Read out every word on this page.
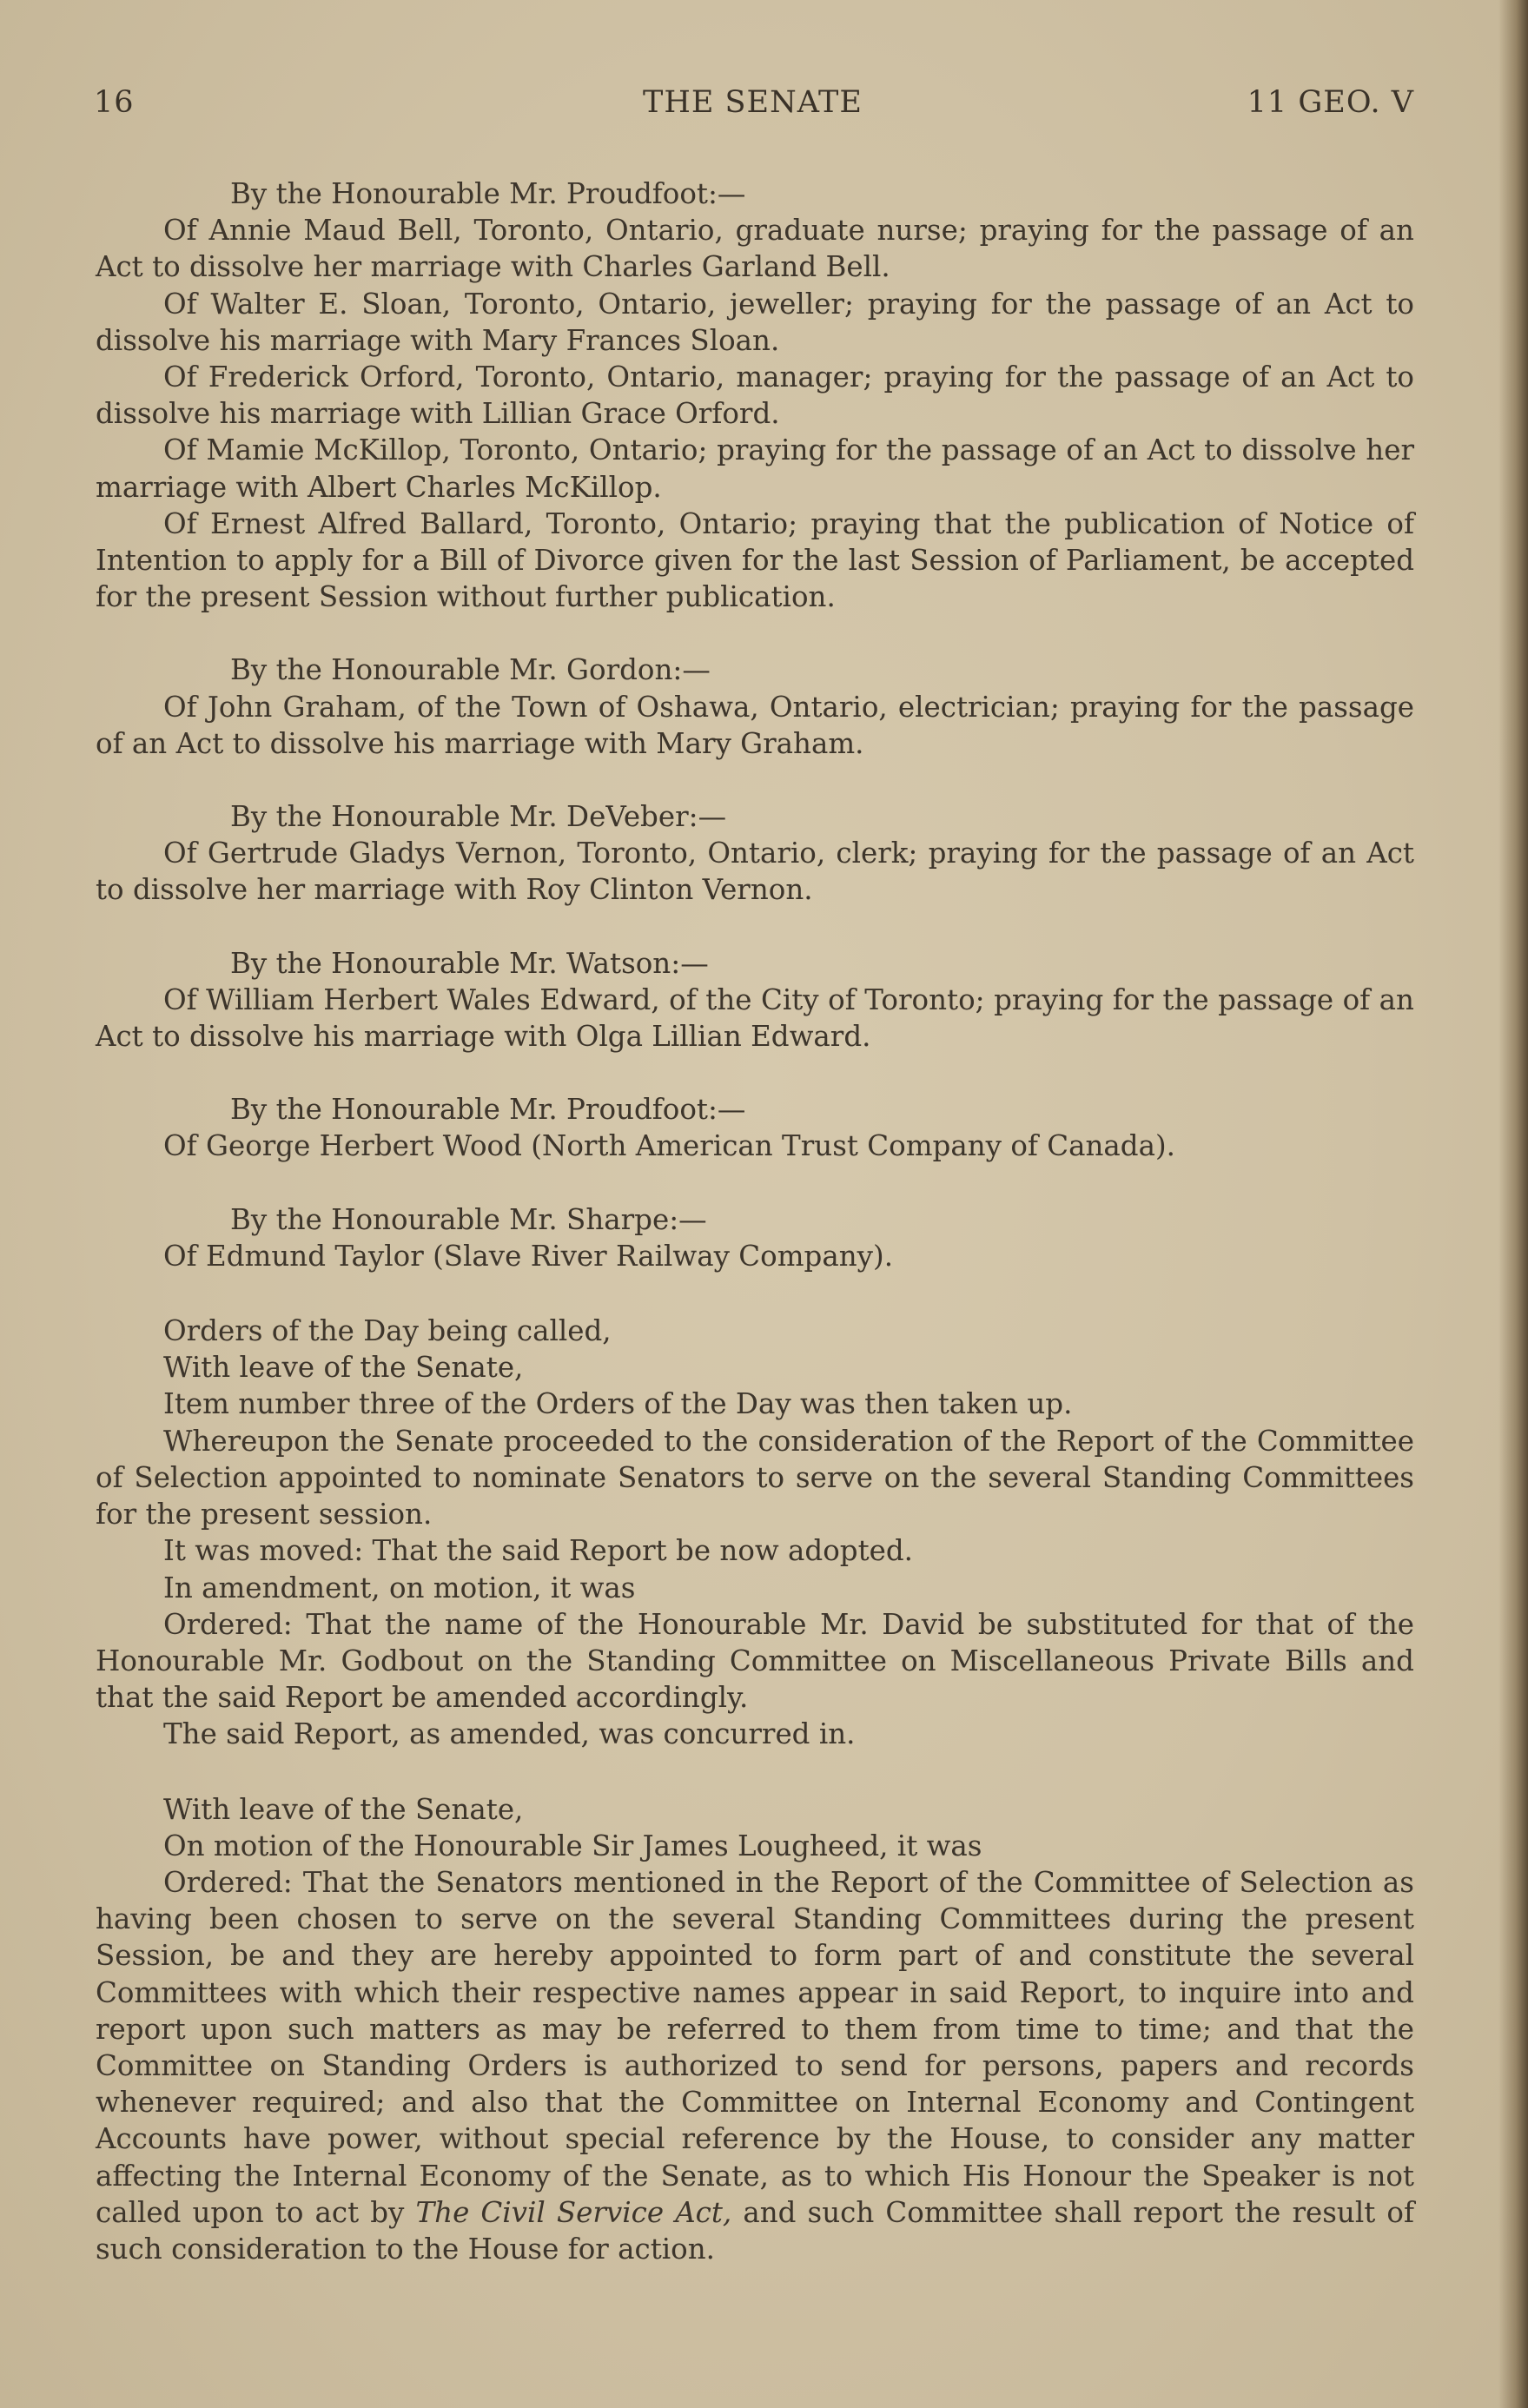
16	THE SENATE	11 GEO. V

By the Honourable Mr. Proudfoot:—

Of Annie Maud Bell, Toronto, Ontario, graduate nurse; praying for the passage of an Act to dissolve her marriage with Charles Garland Bell.

Of Walter E. Sloan, Toronto, Ontario, jeweller; praying for the passage of an Act to dissolve his marriage with Mary Frances Sloan.

Of Frederick Orford, Toronto, Ontario, manager; praying for the passage of an Act to dissolve his marriage with Lillian Grace Orford.

Of Mamie McKillop, Toronto, Ontario; praying for the passage of an Act to dissolve her marriage with Albert Charles McKillop.

Of Ernest Alfred Ballard, Toronto, Ontario; praying that the publication of Notice of Intention to apply for a Bill of Divorce given for the last Session of Parliament, be accepted for the present Session without further publication.

By the Honourable Mr. Gordon:—

Of John Graham, of the Town of Oshawa, Ontario, electrician; praying for the passage of an Act to dissolve his marriage with Mary Graham.

By the Honourable Mr. DeVeber:—

Of Gertrude Gladys Vernon, Toronto, Ontario, clerk; praying for the passage of an Act to dissolve her marriage with Roy Clinton Vernon.

By the Honourable Mr. Watson:—

Of William Herbert Wales Edward, of the City of Toronto; praying for the passage of an Act to dissolve his marriage with Olga Lillian Edward.

By the Honourable Mr. Proudfoot:—

Of George Herbert Wood (North American Trust Company of Canada).

By the Honourable Mr. Sharpe:—

Of Edmund Taylor (Slave River Railway Company).

Orders of the Day being called,

With leave of the Senate,

Item number three of the Orders of the Day was then taken up.

Whereupon the Senate proceeded to the consideration of the Report of the Committee of Selection appointed to nominate Senators to serve on the several Standing Committees for the present session.

It was moved: That the said Report be now adopted.

In amendment, on motion, it was

Ordered: That the name of the Honourable Mr. David be substituted for that of the Honourable Mr. Godbout on the Standing Committee on Miscellaneous Private Bills and that the said Report be amended accordingly.

The said Report, as amended, was concurred in.

With leave of the Senate,

On motion of the Honourable Sir James Lougheed, it was

Ordered: That the Senators mentioned in the Report of the Committee of Selection as having been chosen to serve on the several Standing Committees during the present Session, be and they are hereby appointed to form part of and constitute the several Committees with which their respective names appear in said Report, to inquire into and report upon such matters as may be referred to them from time to time; and that the Committee on Standing Orders is authorized to send for persons, papers and records whenever required; and also that the Committee on Internal Economy and Contingent Accounts have power, without special reference by the House, to consider any matter affecting the Internal Economy of the Senate, as to which His Honour the Speaker is not called upon to act by The Civil Service Act, and such Committee shall report the result of such consideration to the House for action.
